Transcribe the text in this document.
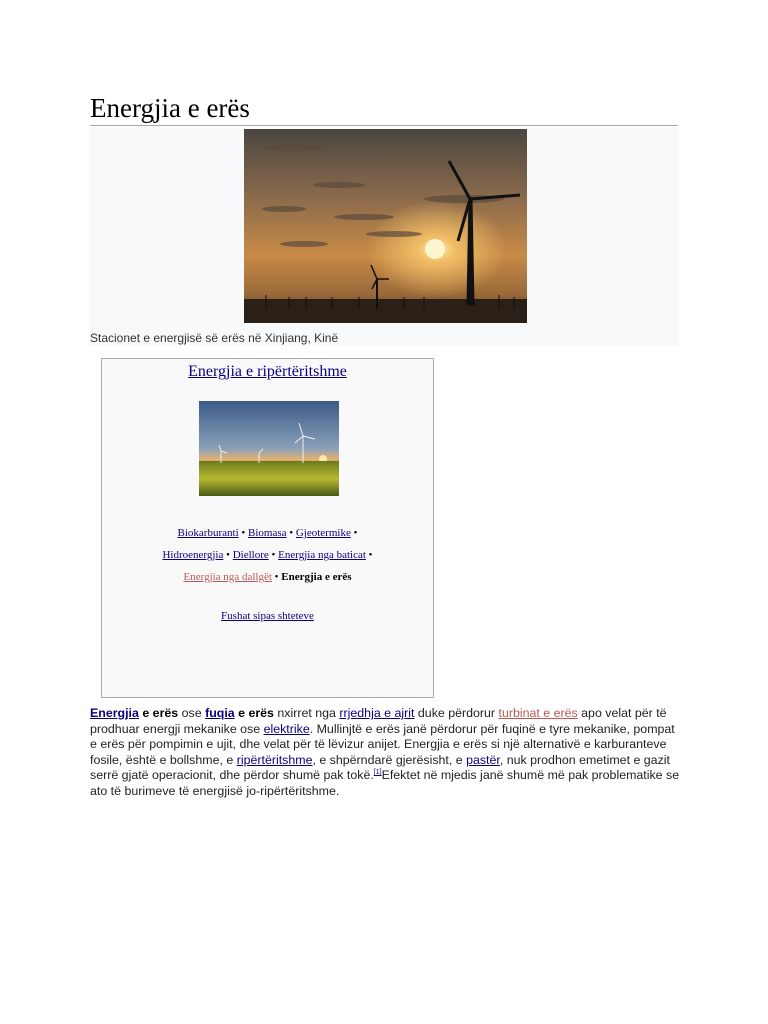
Energjia e erës
Stacionet e energjisë së erës në Xinjiang, Kinë
Energjia e ripërtëritshme
Biokarburanti • Biomasa • Gjeotermike •
Hidroenergjia • Diellore • Energjia nga baticat •
Energjia nga dallgët • Energjia e erës
Fushat sipas shteteve

Energjia e erës ose fuqia e erës nxirret nga rrjedhja e ajrit duke përdorur turbinat e erës apo velat për të prodhuar energji mekanike ose elektrike. Mullinjtë e erës janë përdorur për fuqinë e tyre mekanike, pompat e erës për pompimin e ujit, dhe velat për të lëvizur anijet. Energjia e erës si një alternativë e karburanteve fosile, është e bollshme, e ripërtëritshme, e shpërndarë gjerësisht, e pastër, nuk prodhon emetimet e gazit serrë gjatë operacionit, dhe përdor shumë pak tokë.[1]Efektet në mjedis janë shumë më pak problematike se ato të burimeve të energjisë jo-ripërtëritshme.
